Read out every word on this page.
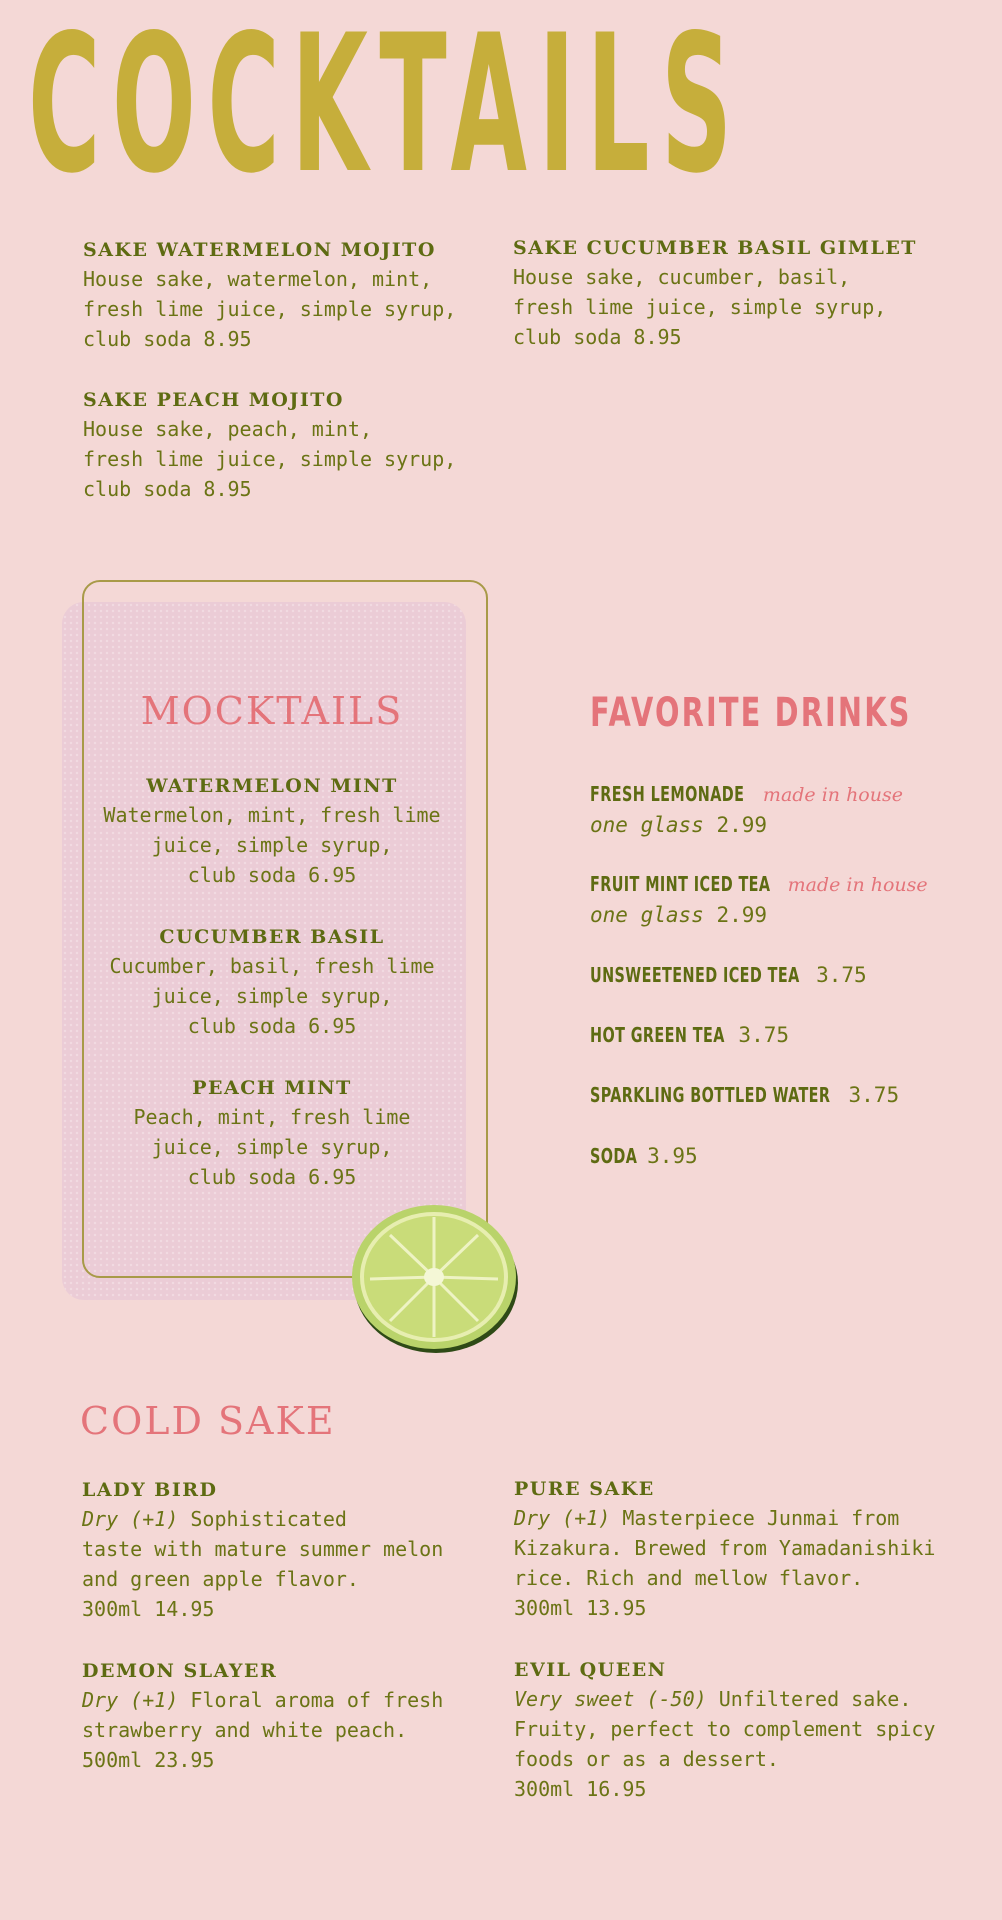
COCKTAILS
SAKE WATERMELON MOJITO
House sake, watermelon, mint,
fresh lime juice, simple syrup,
club soda 8.95
SAKE CUCUMBER BASIL GIMLET
House sake, cucumber, basil,
fresh lime juice, simple syrup,
club soda 8.95
SAKE PEACH MOJITO
House sake, peach, mint,
fresh lime juice, simple syrup,
club soda 8.95
MOCKTAILS
WATERMELON MINT
Watermelon, mint, fresh lime
juice, simple syrup,
club soda 6.95
CUCUMBER BASIL
Cucumber, basil, fresh lime
juice, simple syrup,
club soda 6.95
PEACH MINT
Peach, mint, fresh lime
juice, simple syrup,
club soda 6.95
FAVORITE DRINKS
FRESH LEMONADE made in house
one glass 2.99
FRUIT MINT ICED TEA made in house
one glass 2.99
UNSWEETENED ICED TEA 3.75
HOT GREEN TEA 3.75
SPARKLING BOTTLED WATER 3.75
SODA 3.95
COLD SAKE
LADY BIRD
Dry (+1) Sophisticated
taste with mature summer melon
and green apple flavor.
300ml 14.95
PURE SAKE
Dry (+1) Masterpiece Junmai from
Kizakura. Brewed from Yamadanishiki
rice. Rich and mellow flavor.
300ml 13.95
DEMON SLAYER
Dry (+1) Floral aroma of fresh
strawberry and white peach.
500ml 23.95
EVIL QUEEN
Very sweet (-50) Unfiltered sake.
Fruity, perfect to complement spicy
foods or as a dessert.
300ml 16.95
